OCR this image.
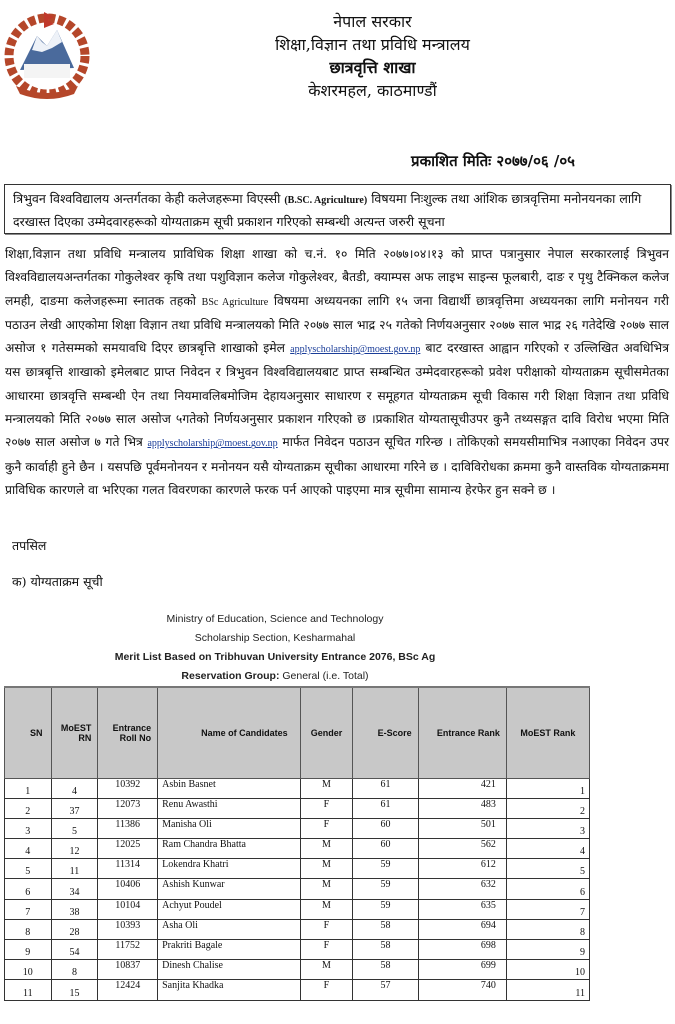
नेपाल सरकार
शिक्षा,विज्ञान तथा प्रविधि मन्त्रालय
छात्रवृत्ति शाखा
केशरमहल, काठमाण्डौं
प्रकाशित मितिः २०७७/०६ /०५
त्रिभुवन विश्वविद्यालय अन्तर्गतका केही कलेजहरूमा विएस्सी (B.SC. Agriculture) विषयमा निःशुल्क तथा आंशिक छात्रवृत्तिमा मनोनयनका लागि दरखास्त दिएका उम्मेदवारहरूको योग्यताक्रम सूची प्रकाशन गरिएको सम्बन्धी अत्यन्त जरुरी सूचना
शिक्षा,विज्ञान तथा प्रविधि मन्त्रालय प्राविधिक शिक्षा शाखा को च.नं. १० मिति २०७७।०४।१३ को प्राप्त पत्रानुसार नेपाल सरकारलाई त्रिभुवन विश्वविद्यालयअन्तर्गतका गोकुलेश्वर कृषि तथा पशुविज्ञान कलेज गोकुलेश्वर, बैतडी, क्याम्पस अफ लाइभ साइन्स फूलबारी, दाङ र पृथु टैक्निकल कलेज लमही, दाङमा कलेजहरूमा स्नातक तहको BSc Agriculture विषयमा अध्ययनका लागि १५ जना विद्यार्थी छात्रवृत्तिमा अध्ययनका लागि मनोनयन गरी पठाउन लेखी आएकोमा शिक्षा विज्ञान तथा प्रविधि मन्त्रालयको मिति २०७७ साल भाद्र २५ गतेको निर्णयअनुसार २०७७ साल भाद्र २६ गतेदेखि २०७७ साल असोज १ गतेसम्मको समयावधि दिएर छात्रबृत्ति शाखाको इमेल applyscholarship@moest.gov.np बाट दरखास्त आह्वान गरिएको र उल्लिखित अवधिभित्र यस छात्रबृत्ति शाखाको इमेलबाट प्राप्त निवेदन र त्रिभुवन विश्वविद्यालयबाट प्राप्त सम्बन्धित उम्मेदवारहरूको प्रवेश परीक्षाको योग्यताक्रम सूचीसमेतका आधारमा छात्रवृत्ति सम्बन्धी ऐन तथा नियमावलिबमोजिम देहायअनुसार साधारण र समूहगत योग्यताक्रम सूची विकास गरी शिक्षा विज्ञान तथा प्रविधि मन्त्रालयको मिति २०७७ साल असोज ५गतेको निर्णयअनुसार प्रकाशन गरिएको छ ।प्रकाशित योग्यतासूचीउपर कुनै तथ्यसङ्गत दावि विरोध भएमा मिति २०७७ साल असोज ७ गते भित्र applyscholarship@moest.gov.np मार्फत निवेदन पठाउन सूचित गरिन्छ । तोकिएको समयसीमाभित्र नआएका निवेदन उपर कुनै कार्वाही हुने छैन । यसपछि पूर्वमनोनयन र मनोनयन यसै योग्यताक्रम सूचीका आधारमा गरिने छ । दाविविरोधका क्रममा कुनै वास्तविक योग्यताक्रममा प्राविधिक कारणले वा भरिएका गलत विवरणका कारणले फरक पर्न आएको पाइएमा मात्र सूचीमा सामान्य हेरफेर हुन सक्ने छ ।
तपसिल
क) योग्यताक्रम सूची
Ministry of Education, Science and Technology
Scholarship Section, Kesharmahal
Merit List Based on Tribhuvan University Entrance 2076, BSc Ag
Reservation Group: General (i.e. Total)
SN	MoEST RN	Entrance Roll No	Name of Candidates	Gender	E-Score	Entrance Rank	MoEST Rank
1	4	10392	Asbin Basnet	M	61	421	1
2	37	12073	Renu Awasthi	F	61	483	2
3	5	11386	Manisha Oli	F	60	501	3
4	12	12025	Ram Chandra Bhatta	M	60	562	4
5	11	11314	Lokendra Khatri	M	59	612	5
6	34	10406	Ashish Kunwar	M	59	632	6
7	38	10104	Achyut Poudel	M	59	635	7
8	28	10393	Asha Oli	F	58	694	8
9	54	11752	Prakriti Bagale	F	58	698	9
10	8	10837	Dinesh Chalise	M	58	699	10
11	15	12424	Sanjita Khadka	F	57	740	11
